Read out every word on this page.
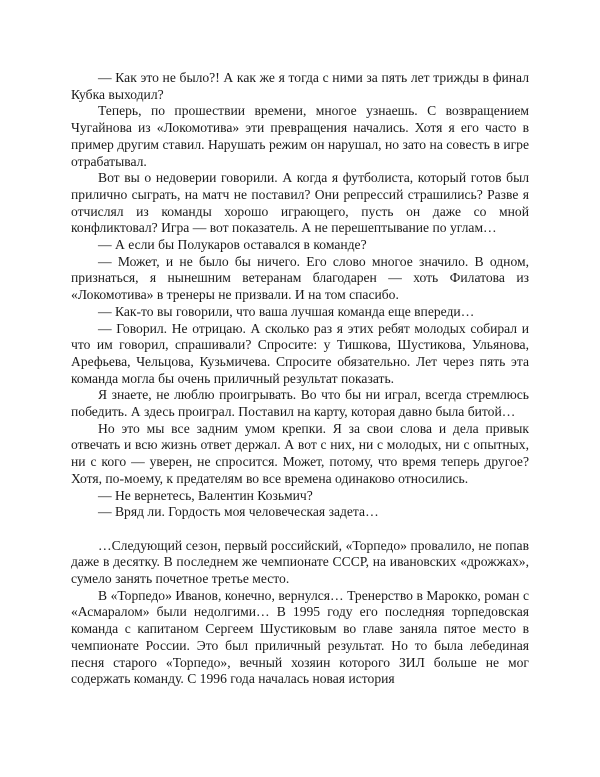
— Как это не было?! А как же я тогда с ними за пять лет трижды в финал Кубка выходил?

Теперь, по прошествии времени, многое узнаешь. С возвращением Чугайнова из «Локомотива» эти превращения начались. Хотя я его часто в пример другим ставил. Нарушать режим он нарушал, но зато на совесть в игре отрабатывал.

Вот вы о недоверии говорили. А когда я футболиста, который готов был прилично сыграть, на матч не поставил? Они репрессий страшились? Разве я отчислял из команды хорошо играющего, пусть он даже со мной конфликтовал? Игра — вот показатель. А не перешептывание по углам…

— А если бы Полукаров оставался в команде?

— Может, и не было бы ничего. Его слово многое значило. В одном, признаться, я нынешним ветеранам благодарен — хоть Филатова из «Локомотива» в тренеры не призвали. И на том спасибо.

— Как-то вы говорили, что ваша лучшая команда еще впереди…

— Говорил. Не отрицаю. А сколько раз я этих ребят молодых собирал и что им говорил, спрашивали? Спросите: у Тишкова, Шустикова, Ульянова, Арефьева, Чельцова, Кузьмичева. Спросите обязательно. Лет через пять эта команда могла бы очень приличный результат показать.

Я знаете, не люблю проигрывать. Во что бы ни играл, всегда стремлюсь победить. А здесь проиграл. Поставил на карту, которая давно была битой…

Но это мы все задним умом крепки. Я за свои слова и дела привык отвечать и всю жизнь ответ держал. А вот с них, ни с молодых, ни с опытных, ни с кого — уверен, не спросится. Может, потому, что время теперь другое? Хотя, по-моему, к предателям во все времена одинаково относились.

— Не вернетесь, Валентин Козьмич?

— Вряд ли. Гордость моя человеческая задета…

…Следующий сезон, первый российский, «Торпедо» провалило, не попав даже в десятку. В последнем же чемпионате СССР, на ивановских «дрожжах», сумело занять почетное третье место.

В «Торпедо» Иванов, конечно, вернулся… Тренерство в Марокко, роман с «Асмаралом» были недолгими… В 1995 году его последняя торпедовская команда с капитаном Сергеем Шустиковым во главе заняла пятое место в чемпионате России. Это был приличный результат. Но то была лебединая песня старого «Торпедо», вечный хозяин которого ЗИЛ больше не мог содержать команду. С 1996 года началась новая история
